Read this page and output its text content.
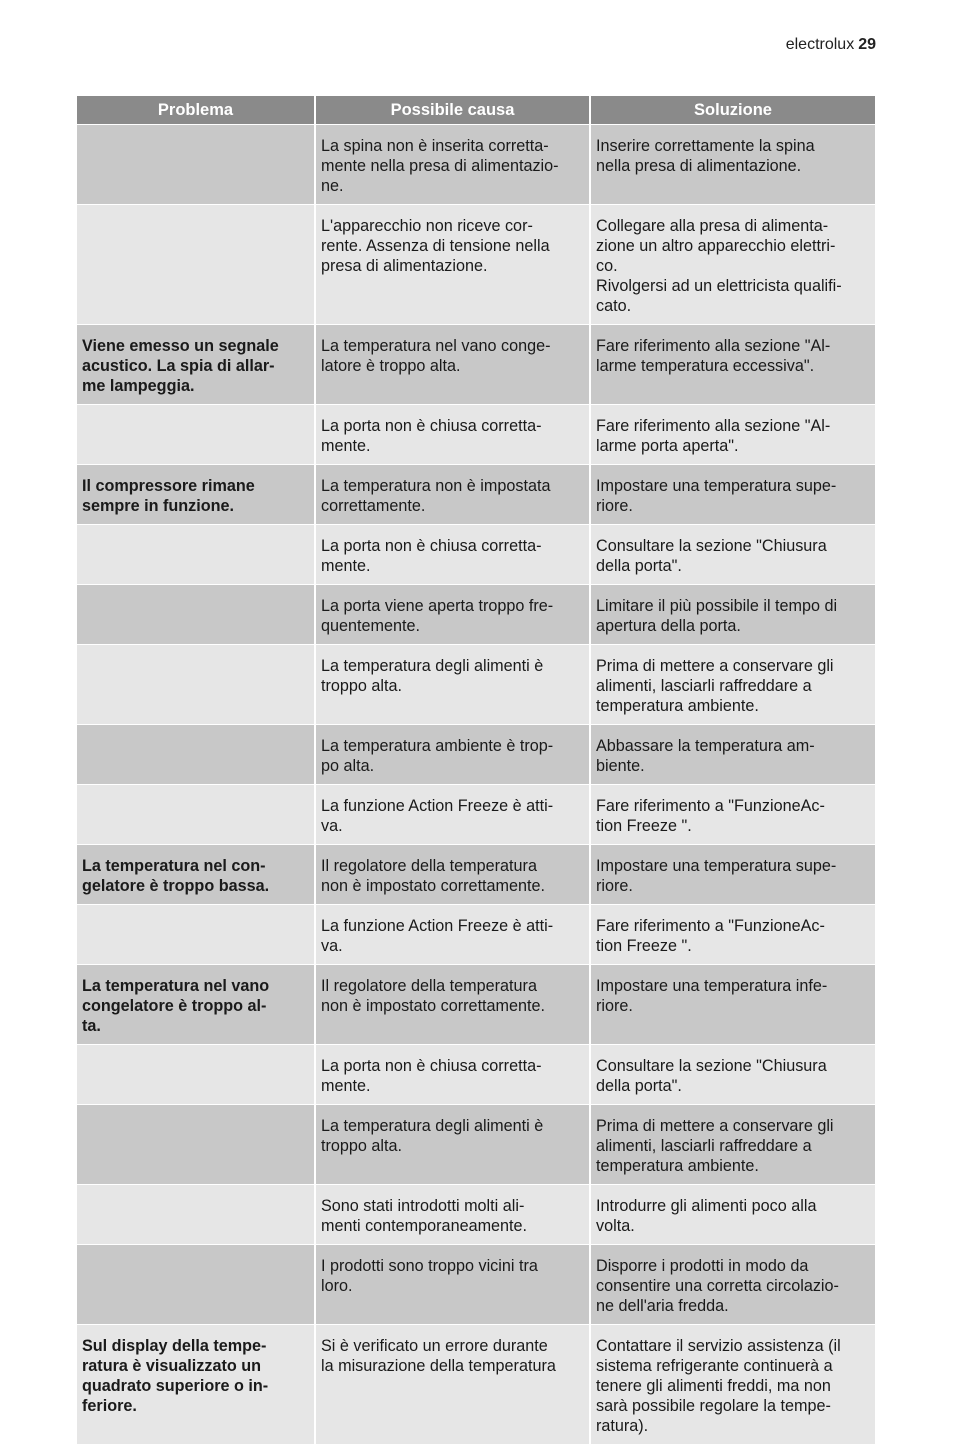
electrolux 29
Problema	Possibile causa	Soluzione
	La spina non è inserita corretta-
mente nella presa di alimentazio-
ne.	Inserire correttamente la spina
nella presa di alimentazione.
	L'apparecchio non riceve cor-
rente. Assenza di tensione nella
presa di alimentazione.	Collegare alla presa di alimenta-
zione un altro apparecchio elettri-
co.
Rivolgersi ad un elettricista qualifi-
cato.
Viene emesso un segnale
acustico. La spia di allar-
me lampeggia.	La temperatura nel vano conge-
latore è troppo alta.	Fare riferimento alla sezione "Al-
larme temperatura eccessiva".
	La porta non è chiusa corretta-
mente.	Fare riferimento alla sezione "Al-
larme porta aperta".
Il compressore rimane
sempre in funzione.	La temperatura non è impostata
correttamente.	Impostare una temperatura supe-
riore.
	La porta non è chiusa corretta-
mente.	Consultare la sezione "Chiusura
della porta".
	La porta viene aperta troppo fre-
quentemente.	Limitare il più possibile il tempo di
apertura della porta.
	La temperatura degli alimenti è
troppo alta.	Prima di mettere a conservare gli
alimenti, lasciarli raffreddare a
temperatura ambiente.
	La temperatura ambiente è trop-
po alta.	Abbassare la temperatura am-
biente.
	La funzione Action Freeze è atti-
va.	Fare riferimento a "FunzioneAc-
tion Freeze ".
La temperatura nel con-
gelatore è troppo bassa.	Il regolatore della temperatura
non è impostato correttamente.	Impostare una temperatura supe-
riore.
	La funzione Action Freeze è atti-
va.	Fare riferimento a "FunzioneAc-
tion Freeze ".
La temperatura nel vano
congelatore è troppo al-
ta.	Il regolatore della temperatura
non è impostato correttamente.	Impostare una temperatura infe-
riore.
	La porta non è chiusa corretta-
mente.	Consultare la sezione "Chiusura
della porta".
	La temperatura degli alimenti è
troppo alta.	Prima di mettere a conservare gli
alimenti, lasciarli raffreddare a
temperatura ambiente.
	Sono stati introdotti molti ali-
menti contemporaneamente.	Introdurre gli alimenti poco alla
volta.
	I prodotti sono troppo vicini tra
loro.	Disporre i prodotti in modo da
consentire una corretta circolazio-
ne dell'aria fredda.
Sul display della tempe-
ratura è visualizzato un
quadrato superiore o in-
feriore.	Si è verificato un errore durante
la misurazione della temperatura	Contattare il servizio assistenza (il
sistema refrigerante continuerà a
tenere gli alimenti freddi, ma non
sarà possibile regolare la tempe-
ratura).
